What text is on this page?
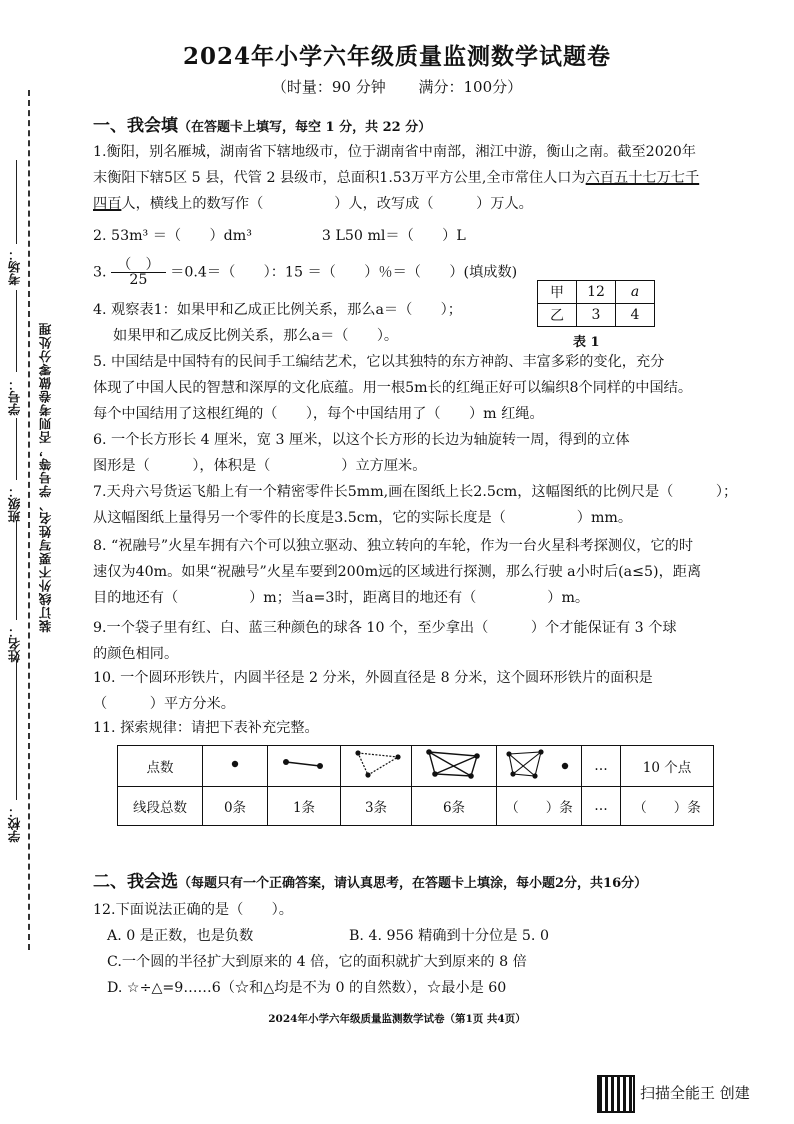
2024年小学六年级质量监测数学试题卷
（时量：90 分钟 满分：100分）
学校：
姓名：
班级：
学号：
考场：
装订线外不要写姓名、学号等，否则考卷做零分处理
一、我会填（在答题卡上填写，每空 1 分，共 22 分）
1.衡阳，别名雁城，湖南省下辖地级市，位于湖南省中南部，湘江中游，衡山之南。截至2020年
末衡阳下辖5区 5 县，代管 2 县级市，总面积1.53万平方公里,全市常住人口为六百五十七万七千
四百人，横线上的数写作（　　　　　）人，改写成（　　　）万人。
2. 53m³ ＝（　　）dm³	3 L50 ml＝（　　）L
3. $\frac{( )}{25} =0.4=$（　　）：15 ＝（　　）％＝（　　）(填成数)
4. 观察表1：如果甲和乙成正比例关系，那么a＝（　　）；
如果甲和乙成反比例关系，那么a＝（　　）。
甲	12	a
乙	3	4
表 1
5. 中国结是中国特有的民间手工编结艺术，它以其独特的东方神韵、丰富多彩的变化，充分
体现了中国人民的智慧和深厚的文化底蕴。用一根5m长的红绳正好可以编织8个同样的中国结。
每个中国结用了这根红绳的（　　），每个中国结用了（　　）m 红绳。
6. 一个长方形长 4 厘米，宽 3 厘米，以这个长方形的长边为轴旋转一周，得到的立体
图形是（　　　），体积是（　　　　　）立方厘米。
7.天舟六号货运飞船上有一个精密零件长5mm,画在图纸上长2.5cm，这幅图纸的比例尺是（　　　）；
从这幅图纸上量得另一个零件的长度是3.5cm，它的实际长度是（　　　　　）mm。
8. “祝融号”火星车拥有六个可以独立驱动、独立转向的车轮，作为一台火星科考探测仪，它的时
速仅为40m。如果“祝融号”火星车要到200m远的区域进行探测，那么行驶 a小时后(a≤5)，距离
目的地还有（　　　　　）m；当a=3时，距离目的地还有（　　　　　）m。
9.一个袋子里有红、白、蓝三种颜色的球各 10 个，至少拿出（　　　）个才能保证有 3 个球
的颜色相同。
10. 一个圆环形铁片，内圆半径是 2 分米，外圆直径是 8 分米，这个圆环形铁片的面积是
（　　　）平方分米。
11. 探索规律：请把下表补充完整。
点数						…	10 个点
线段总数	0条	1条	3条	6条	（　　）条	…	（　　）条
二、我会选（每题只有一个正确答案，请认真思考，在答题卡上填涂，每小题2分，共16分）
12.下面说法正确的是（　　）。
A. 0 是正数，也是负数	B. 4. 956 精确到十分位是 5. 0
C.一个圆的半径扩大到原来的 4 倍，它的面积就扩大到原来的 8 倍
D. ☆÷△=9……6（☆和△均是不为 0 的自然数），☆最小是 60
2024年小学六年级质量监测数学试卷（第1页 共4页）
扫描全能王 创建
